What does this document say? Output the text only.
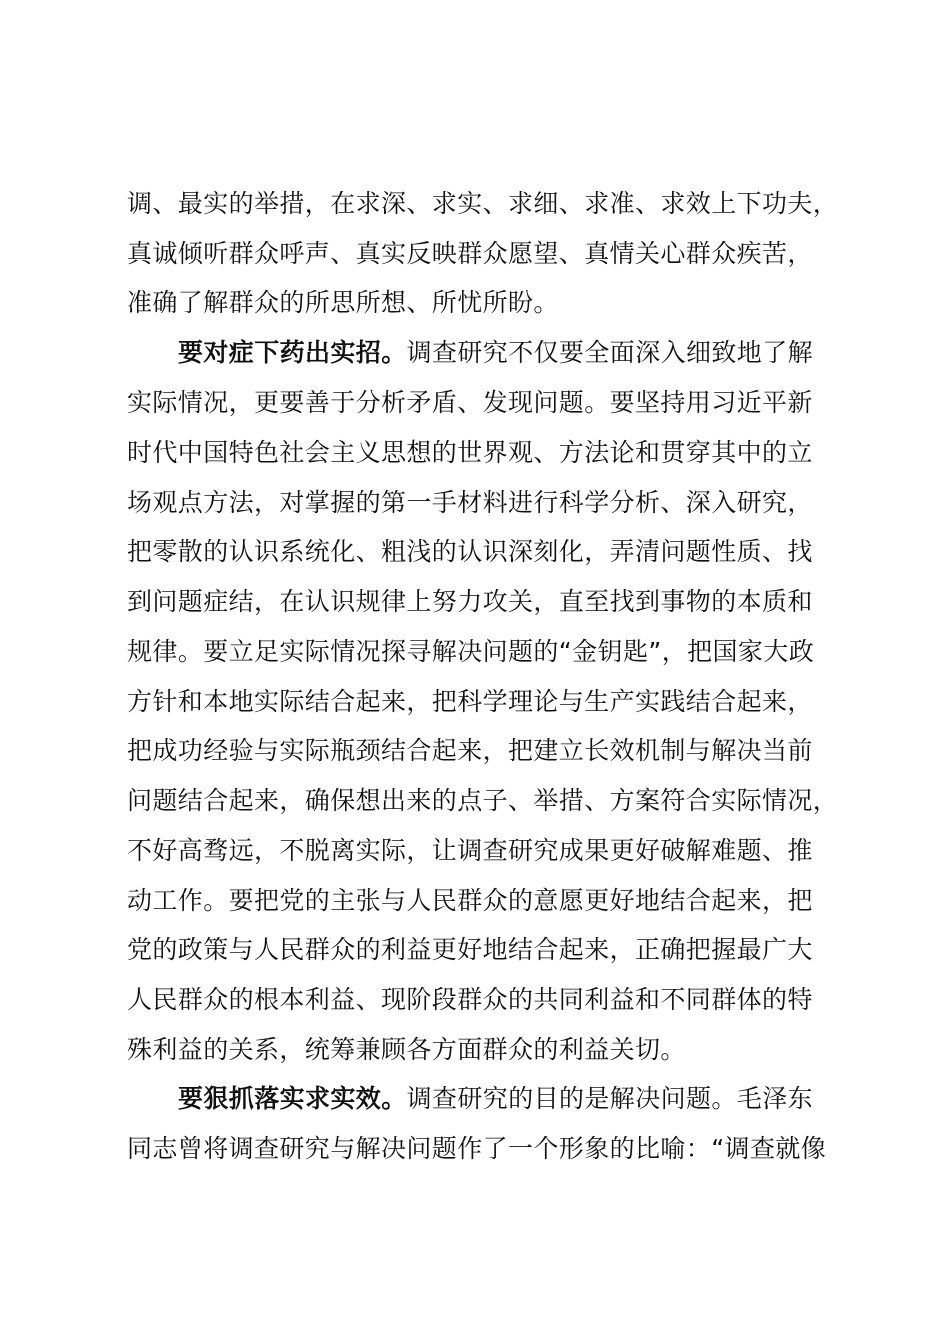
调、最实的举措，在求深、求实、求细、求准、求效上下功夫，
真诚倾听群众呼声、真实反映群众愿望、真情关心群众疾苦，
准确了解群众的所思所想、所忧所盼。
要对症下药出实招。调查研究不仅要全面深入细致地了解
实际情况，更要善于分析矛盾、发现问题。要坚持用习近平新
时代中国特色社会主义思想的世界观、方法论和贯穿其中的立
场观点方法，对掌握的第一手材料进行科学分析、深入研究，
把零散的认识系统化、粗浅的认识深刻化，弄清问题性质、找
到问题症结，在认识规律上努力攻关，直至找到事物的本质和
规律。要立足实际情况探寻解决问题的“金钥匙”，把国家大政
方针和本地实际结合起来，把科学理论与生产实践结合起来，
把成功经验与实际瓶颈结合起来，把建立长效机制与解决当前
问题结合起来，确保想出来的点子、举措、方案符合实际情况，
不好高骛远，不脱离实际，让调查研究成果更好破解难题、推
动工作。要把党的主张与人民群众的意愿更好地结合起来，把
党的政策与人民群众的利益更好地结合起来，正确把握最广大
人民群众的根本利益、现阶段群众的共同利益和不同群体的特
殊利益的关系，统筹兼顾各方面群众的利益关切。
要狠抓落实求实效。调查研究的目的是解决问题。毛泽东
同志曾将调查研究与解决问题作了一个形象的比喻：“调查就像
